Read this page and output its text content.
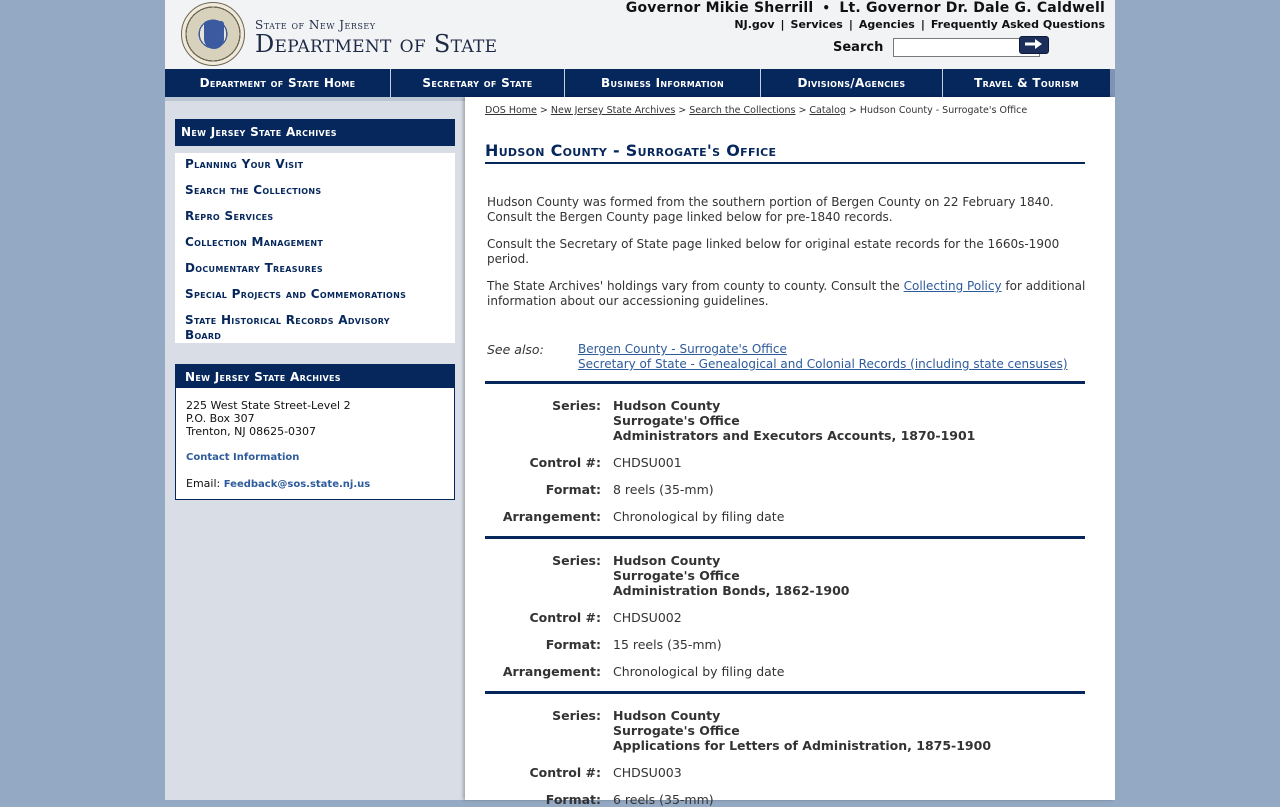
State of New Jersey
Department of State
Governor Mikie Sherrill • Lt. Governor Dr. Dale G. Caldwell
NJ.gov | Services | Agencies | Frequently Asked Questions
Search
Department of State Home	Secretary of State	Business Information	Divisions/Agencies	Travel & Tourism
New Jersey State Archives
Planning Your Visit
Search the Collections
Repro Services
Collection Management
Documentary Treasures
Special Projects and Commemorations
State Historical Records Advisory Board
New Jersey State Archives
225 West State Street-Level 2
P.O. Box 307
Trenton, NJ 08625-0307
Contact Information
Email: Feedback@sos.state.nj.us
DOS Home > New Jersey State Archives > Search the Collections > Catalog > Hudson County - Surrogate's Office
Hudson County - Surrogate's Office
Hudson County was formed from the southern portion of Bergen County on 22 February 1840. Consult the Bergen County page linked below for pre-1840 records.
Consult the Secretary of State page linked below for original estate records for the 1660s-1900 period.
The State Archives' holdings vary from county to county. Consult the Collecting Policy for additional information about our accessioning guidelines.
See also:	Bergen County - Surrogate's Office
Secretary of State - Genealogical and Colonial Records (including state censuses)
Series: Hudson County
Surrogate's Office
Administrators and Executors Accounts, 1870-1901
Control #: CHDSU001
Format: 8 reels (35-mm)
Arrangement: Chronological by filing date
Series: Hudson County
Surrogate's Office
Administration Bonds, 1862-1900
Control #: CHDSU002
Format: 15 reels (35-mm)
Arrangement: Chronological by filing date
Series: Hudson County
Surrogate's Office
Applications for Letters of Administration, 1875-1900
Control #: CHDSU003
Format: 6 reels (35-mm)
